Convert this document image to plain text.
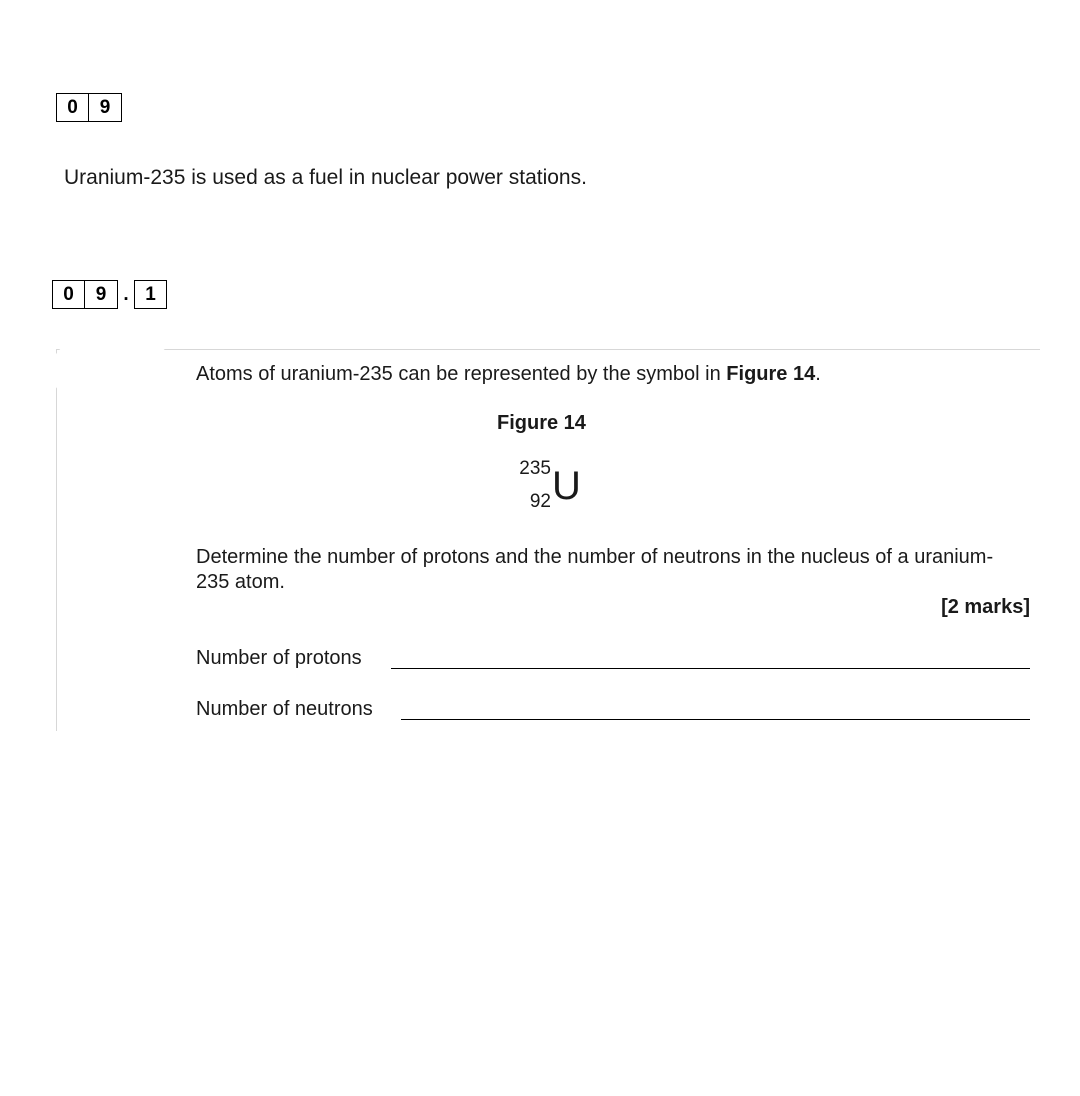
0	9
Uranium-235 is used as a fuel in nuclear power stations.
0	9 . 1
Atoms of uranium-235 can be represented by the symbol in Figure 14.
Figure 14
235
92 U
Determine the number of protons and the number of neutrons in the nucleus of a uranium-235 atom.
[2 marks]
Number of protons
Number of neutrons
